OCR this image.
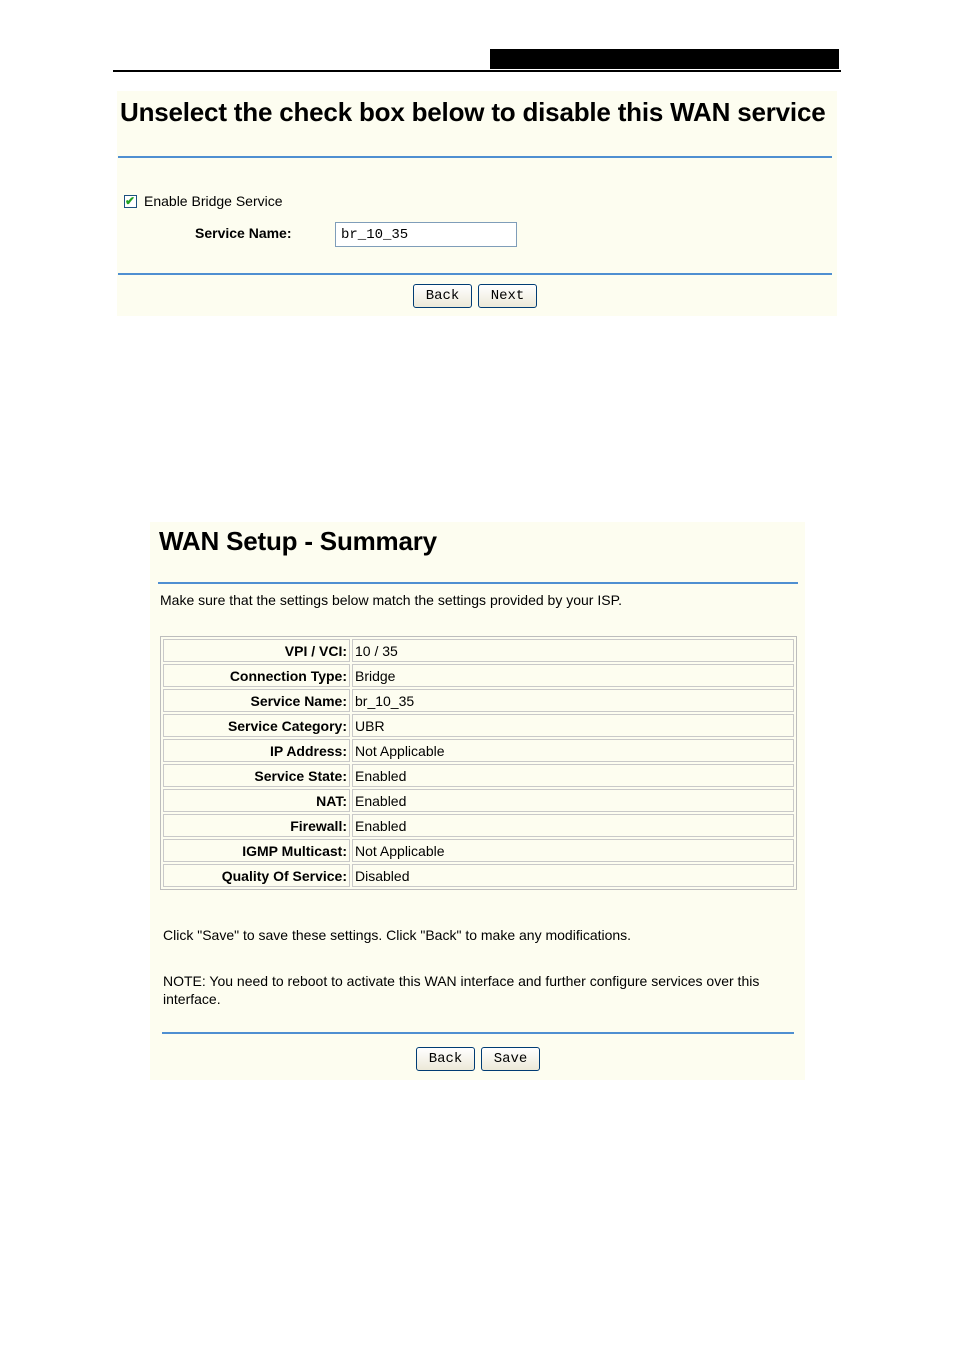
Unselect the check box below to disable this WAN service
✔ Enable Bridge Service
Service Name:
br_10_35
Back	Next
WAN Setup - Summary
Make sure that the settings below match the settings provided by your ISP.
VPI / VCI:	10 / 35
Connection Type:	Bridge
Service Name:	br_10_35
Service Category:	UBR
IP Address:	Not Applicable
Service State:	Enabled
NAT:	Enabled
Firewall:	Enabled
IGMP Multicast:	Not Applicable
Quality Of Service:	Disabled
Click "Save" to save these settings. Click "Back" to make any modifications.
NOTE: You need to reboot to activate this WAN interface and further configure services over this interface.
Back	Save
